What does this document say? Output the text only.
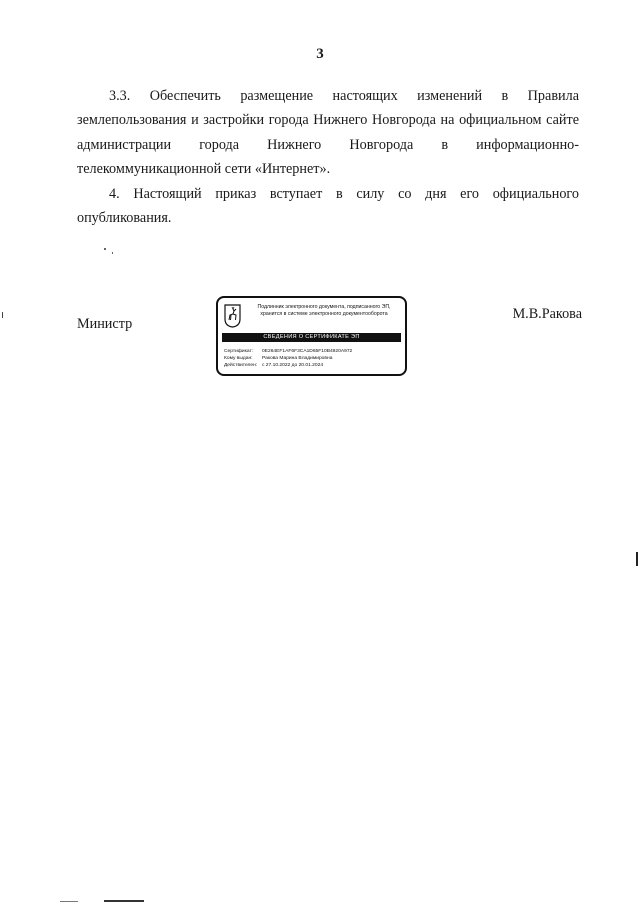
3

3.3. Обеспечить размещение настоящих изменений в Правила землепользования и застройки города Нижнего Новгорода на официальном сайте администрации города Нижнего Новгорода в информационно-телекоммуникационной сети «Интернет».

4. Настоящий приказ вступает в силу со дня его официального опубликования.

Министр
Подлинник электронного документа, подписанного ЭП,
хранится в системе электронного документооборота
СВЕДЕНИЯ О СЕРТИФИКАТЕ ЭП
Сертификат: 0E264EF1AF6F3CA1D65F10B4920A972
Кому выдан: Ракова Марина Владимировна
Действителен: с 27.10.2022 до 20.01.2024
М.В.Ракова
